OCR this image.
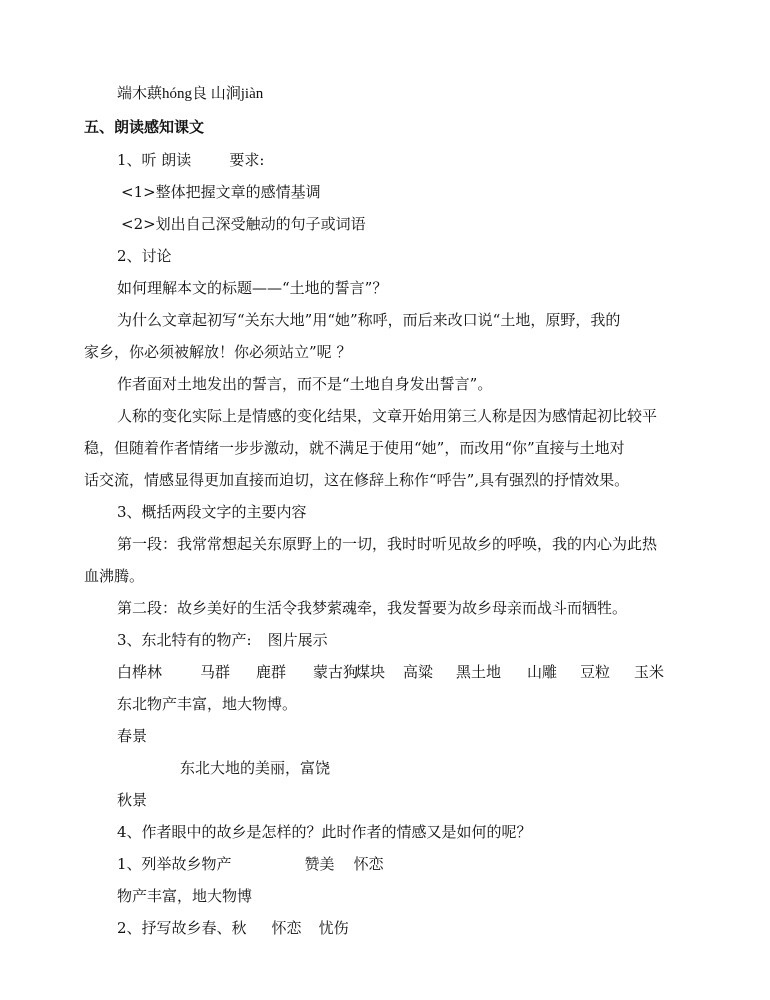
端木蕻hóng良 山涧jiàn
五、朗读感知课文
1、听 朗读	要求:
<1>整体把握文章的感情基调
<2>划出自己深受触动的句子或词语
2、讨论
如何理解本文的标题——“土地的誓言”？
为什么文章起初写“关东大地”用“她”称呼，而后来改口说“土地，原野，我的
家乡，你必须被解放！你必须站立”呢 ？
作者面对土地发出的誓言，而不是“土地自身发出誓言”。
人称的变化实际上是情感的变化结果，文章开始用第三人称是因为感情起初比较平
稳，但随着作者情绪一步步激动，就不满足于使用“她”，而改用“你”直接与土地对
话交流，情感显得更加直接而迫切，这在修辞上称作“呼告”,具有强烈的抒情效果。
3、概括两段文字的主要内容
第一段：我常常想起关东原野上的一切，我时时听见故乡的呼唤，我的内心为此热
血沸腾。
第二段：故乡美好的生活令我梦萦魂牵，我发誓要为故乡母亲而战斗而牺牲。
3、东北特有的物产: 图片展示
白桦林	马群 鹿群 蒙古狗
煤块 高粱 黑土地 山雕 豆粒 玉米
东北物产丰富，地大物博。
春景
东北大地的美丽，富饶
秋景
4、作者眼中的故乡是怎样的？此时作者的情感又是如何的呢？
1、列举故乡物产	赞美 怀恋
物产丰富，地大物博
2、抒写故乡春、秋 怀恋 忧伤
